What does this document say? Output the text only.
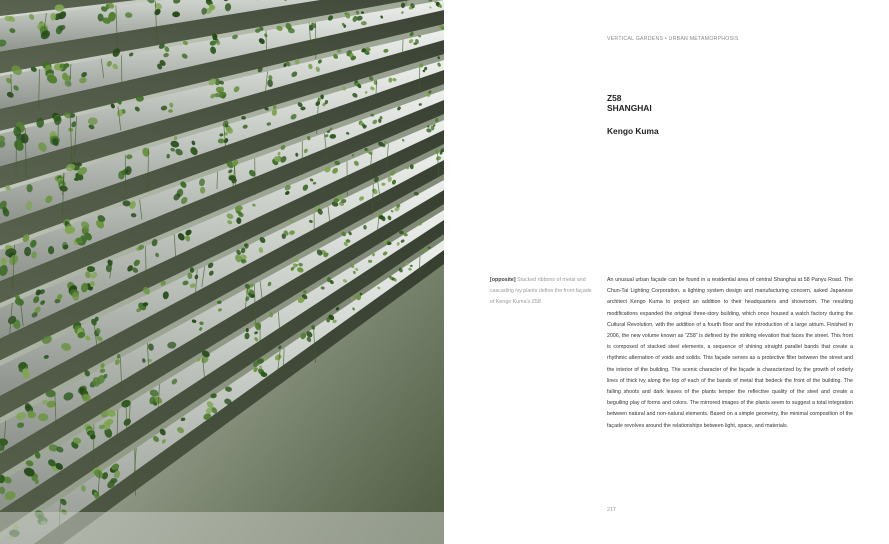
VERTICAL GARDENS • URBAN METAMORPHOSIS
Z58
SHANGHAI
Kengo Kuma
[opposite] Stacked ribbons of metal and cascading ivy plants define the front façade of Kengo Kuma's Z58.

An unusual urban façade can be found in a residential area of central Shanghai at 58 Panyu Road. The Chun-Tai Lighting Corporation, a lighting system design and manufacturing concern, asked Japanese architect Kengo Kuma to project an addition to their headquarters and showroom. The resulting modifications expanded the original three-story building, which once housed a watch factory during the Cultural Revolution, with the addition of a fourth floor and the introduction of a large atrium. Finished in 2006, the new volume known as “Z58” is defined by the striking elevation that faces the street. This front is composed of stacked steel elements, a sequence of shining straight parallel bands that create a rhythmic alternation of voids and solids. This façade serves as a protective filter between the street and the interior of the building. The scenic character of the façade is characterized by the growth of orderly lines of thick ivy along the top of each of the bands of metal that bedeck the front of the building. The falling shoots and dark leaves of the plants temper the reflective quality of the steel and create a beguiling play of forms and colors. The mirrored images of the plants seem to suggest a total integration between natural and non-natural elements. Based on a simple geometry, the minimal composition of the façade revolves around the relationships between light, space, and materials.

217
